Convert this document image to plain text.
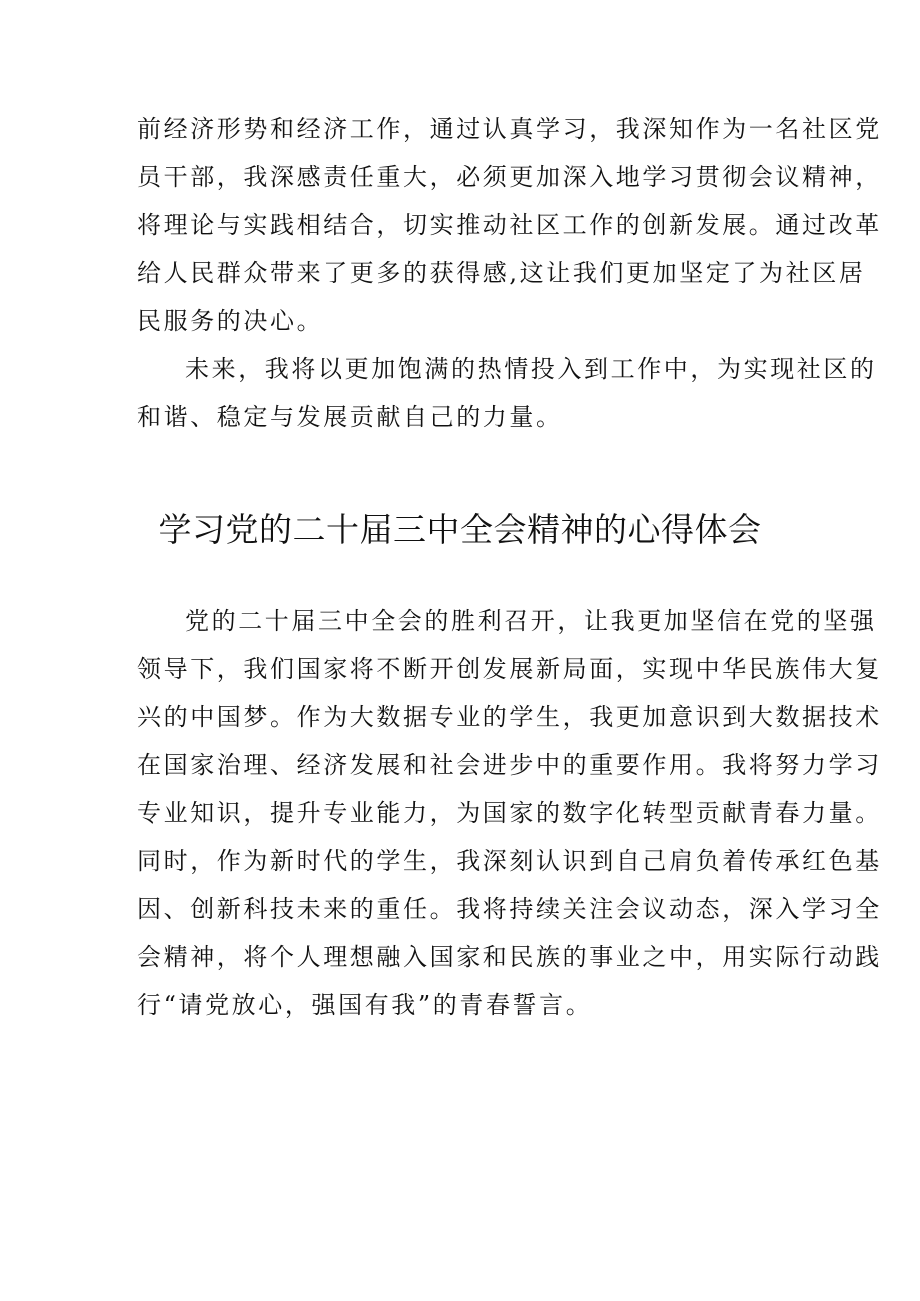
前经济形势和经济工作，通过认真学习，我深知作为一名社区党
员干部，我深感责任重大，必须更加深入地学习贯彻会议精神，
将理论与实践相结合，切实推动社区工作的创新发展。通过改革
给人民群众带来了更多的获得感,这让我们更加坚定了为社区居
民服务的决心。
未来，我将以更加饱满的热情投入到工作中，为实现社区的
和谐、稳定与发展贡献自己的力量。
学习党的二十届三中全会精神的心得体会
党的二十届三中全会的胜利召开，让我更加坚信在党的坚强
领导下，我们国家将不断开创发展新局面，实现中华民族伟大复
兴的中国梦。作为大数据专业的学生，我更加意识到大数据技术
在国家治理、经济发展和社会进步中的重要作用。我将努力学习
专业知识，提升专业能力，为国家的数字化转型贡献青春力量。
同时，作为新时代的学生，我深刻认识到自己肩负着传承红色基
因、创新科技未来的重任。我将持续关注会议动态，深入学习全
会精神，将个人理想融入国家和民族的事业之中，用实际行动践
行“请党放心，强国有我”的青春誓言。
